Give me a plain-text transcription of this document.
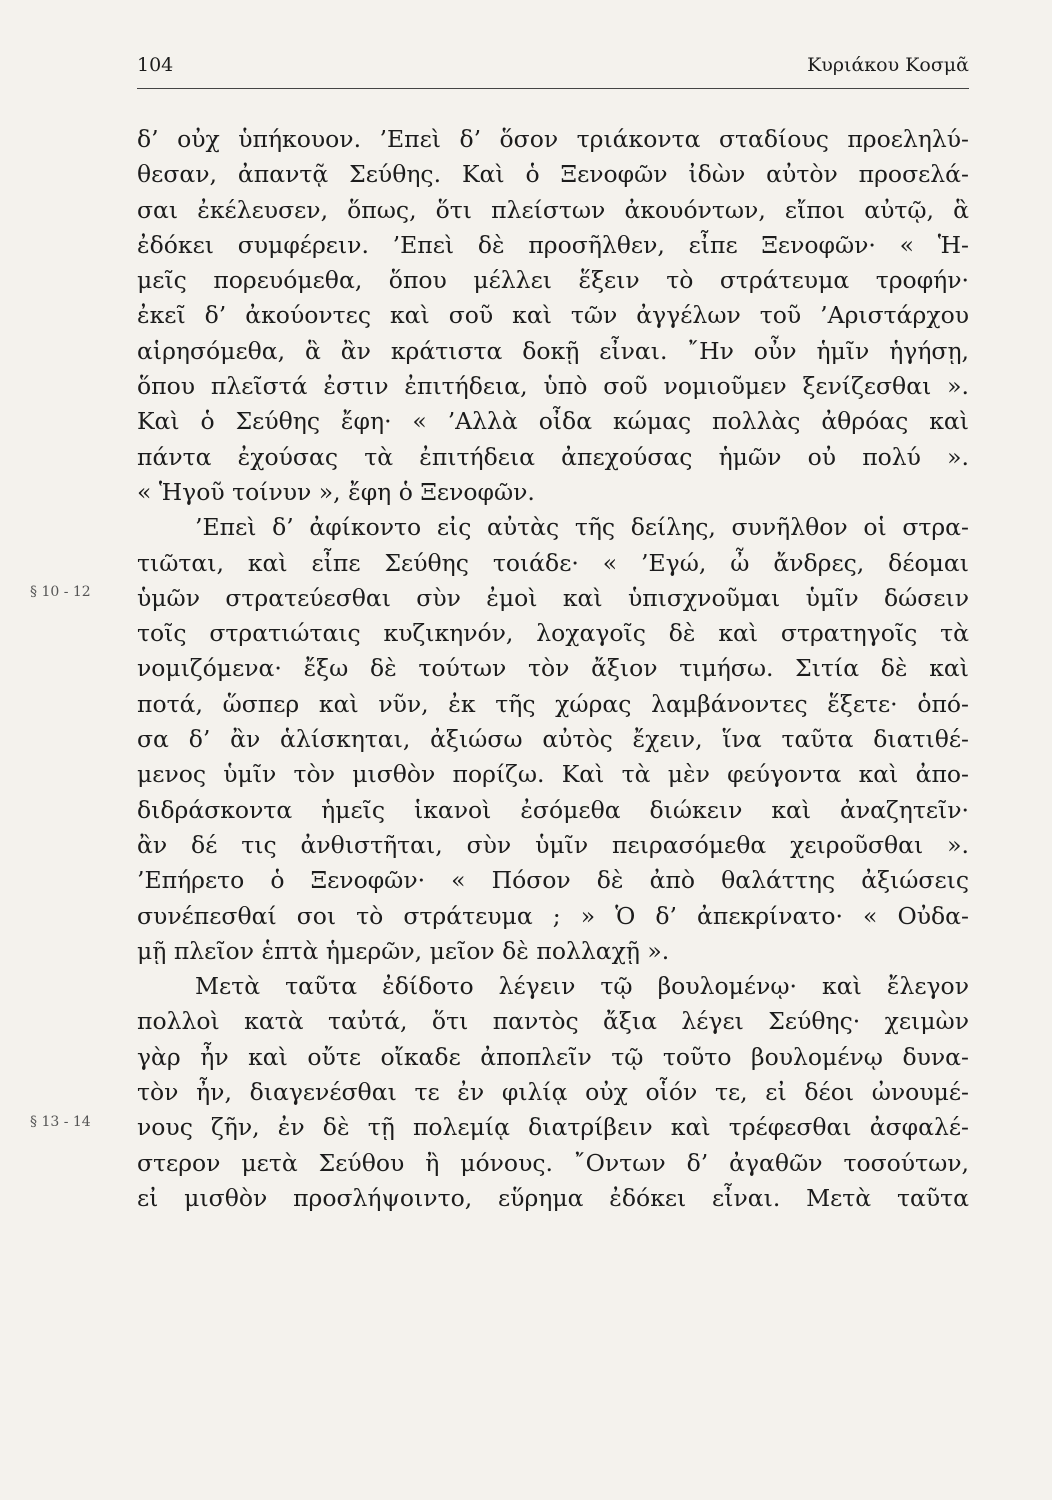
104	Κυριάκου Κοσμᾶ
§ 10 - 12
§ 13 - 14
δ’ οὐχ ὑπήκουον. ’Επεὶ δ’ ὅσον τριάκοντα σταδίους προεληλύ-
θεσαν, ἀπαντᾷ Σεύθης. Καὶ ὁ Ξενοφῶν ἰδὼν αὐτὸν προσελά-
σαι ἐκέλευσεν, ὅπως, ὅτι πλείστων ἀκουόντων, εἴποι αὐτῷ, ἃ
ἐδόκει συμφέρειν. ’Επεὶ δὲ προσῆλθεν, εἶπε Ξενοφῶν· « Ἡ-
μεῖς πορευόμεθα, ὅπου μέλλει ἕξειν τὸ στράτευμα τροφήν·
ἐκεῖ δ’ ἀκούοντες καὶ σοῦ καὶ τῶν ἀγγέλων τοῦ ’Αριστάρχου
αἱρησόμεθα, ἃ ἂν κράτιστα δοκῇ εἶναι. ῎Ην οὖν ἡμῖν ἡγήσῃ,
ὅπου πλεῖστά ἐστιν ἐπιτήδεια, ὑπὸ σοῦ νομιοῦμεν ξενίζεσθαι ».
Καὶ ὁ Σεύθης ἔφη· « ’Αλλὰ οἶδα κώμας πολλὰς ἀθρόας καὶ
πάντα ἐχούσας τὰ ἐπιτήδεια ἀπεχούσας ἡμῶν οὐ πολύ ».
« Ἡγοῦ τοίνυν », ἔφη ὁ Ξενοφῶν.
’Επεὶ δ’ ἀφίκοντο εἰς αὐτὰς τῆς δείλης, συνῆλθον οἱ στρα-
τιῶται, καὶ εἶπε Σεύθης τοιάδε· « ’Εγώ, ὦ ἄνδρες, δέομαι
ὑμῶν στρατεύεσθαι σὺν ἐμοὶ καὶ ὑπισχνοῦμαι ὑμῖν δώσειν
τοῖς στρατιώταις κυζικηνόν, λοχαγοῖς δὲ καὶ στρατηγοῖς τὰ
νομιζόμενα· ἔξω δὲ τούτων τὸν ἄξιον τιμήσω. Σιτία δὲ καὶ
ποτά, ὥσπερ καὶ νῦν, ἐκ τῆς χώρας λαμβάνοντες ἕξετε· ὁπό-
σα δ’ ἂν ἁλίσκηται, ἀξιώσω αὐτὸς ἔχειν, ἵνα ταῦτα διατιθέ-
μενος ὑμῖν τὸν μισθὸν πορίζω. Καὶ τὰ μὲν φεύγοντα καὶ ἀπο-
διδράσκοντα ἡμεῖς ἱκανοὶ ἐσόμεθα διώκειν καὶ ἀναζητεῖν·
ἂν δέ τις ἀνθιστῆται, σὺν ὑμῖν πειρασόμεθα χειροῦσθαι ».
’Επήρετο ὁ Ξενοφῶν· « Πόσον δὲ ἀπὸ θαλάττης ἀξιώσεις
συνέπεσθαί σοι τὸ στράτευμα ; » Ὁ δ’ ἀπεκρίνατο· « Οὐδα-
μῇ πλεῖον ἑπτὰ ἡμερῶν, μεῖον δὲ πολλαχῇ ».
Μετὰ ταῦτα ἐδίδοτο λέγειν τῷ βουλομένῳ· καὶ ἔλεγον
πολλοὶ κατὰ ταὐτά, ὅτι παντὸς ἄξια λέγει Σεύθης· χειμὼν
γὰρ ἦν καὶ οὔτε οἴκαδε ἀποπλεῖν τῷ τοῦτο βουλομένῳ δυνα-
τὸν ἦν, διαγενέσθαι τε ἐν φιλίᾳ οὐχ οἷόν τε, εἰ δέοι ὠνουμέ-
νους ζῆν, ἐν δὲ τῇ πολεμίᾳ διατρίβειν καὶ τρέφεσθαι ἀσφαλέ-
στερον μετὰ Σεύθου ἢ μόνους. ῎Οντων δ’ ἀγαθῶν τοσούτων,
εἰ μισθὸν προσλήψοιντο, εὕρημα ἐδόκει εἶναι. Μετὰ ταῦτα
